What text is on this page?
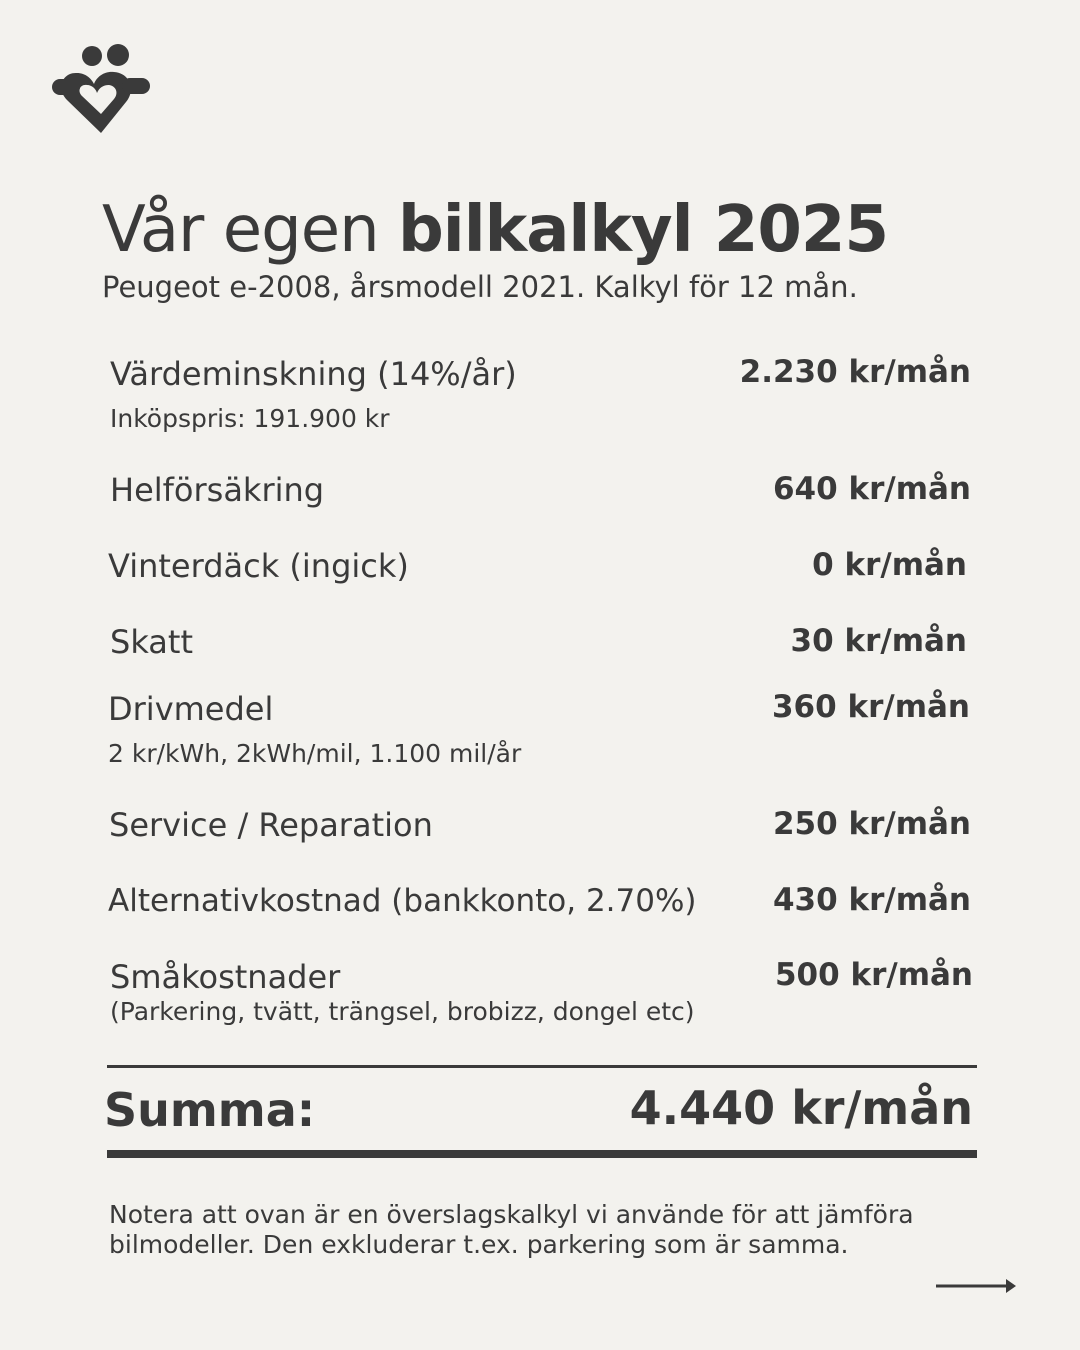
Vår egen bilkalkyl 2025
Peugeot e-2008, årsmodell 2021. Kalkyl för 12 mån.
Värdeminskning (14%/år)	2.230 kr/mån
Inköpspris: 191.900 kr
Helförsäkring	640 kr/mån
Vinterdäck (ingick)	0 kr/mån
Skatt	30 kr/mån
Drivmedel	360 kr/mån
2 kr/kWh, 2kWh/mil, 1.100 mil/år
Service / Reparation	250 kr/mån
Alternativkostnad (bankkonto, 2.70%) 430 kr/mån
Småkostnader	500 kr/mån
(Parkering, tvätt, trängsel, brobizz, dongel etc)
Summa:	4.440 kr/mån
Notera att ovan är en överslagskalkyl vi använde för att jämföra
bilmodeller. Den exkluderar t.ex. parkering som är samma.
